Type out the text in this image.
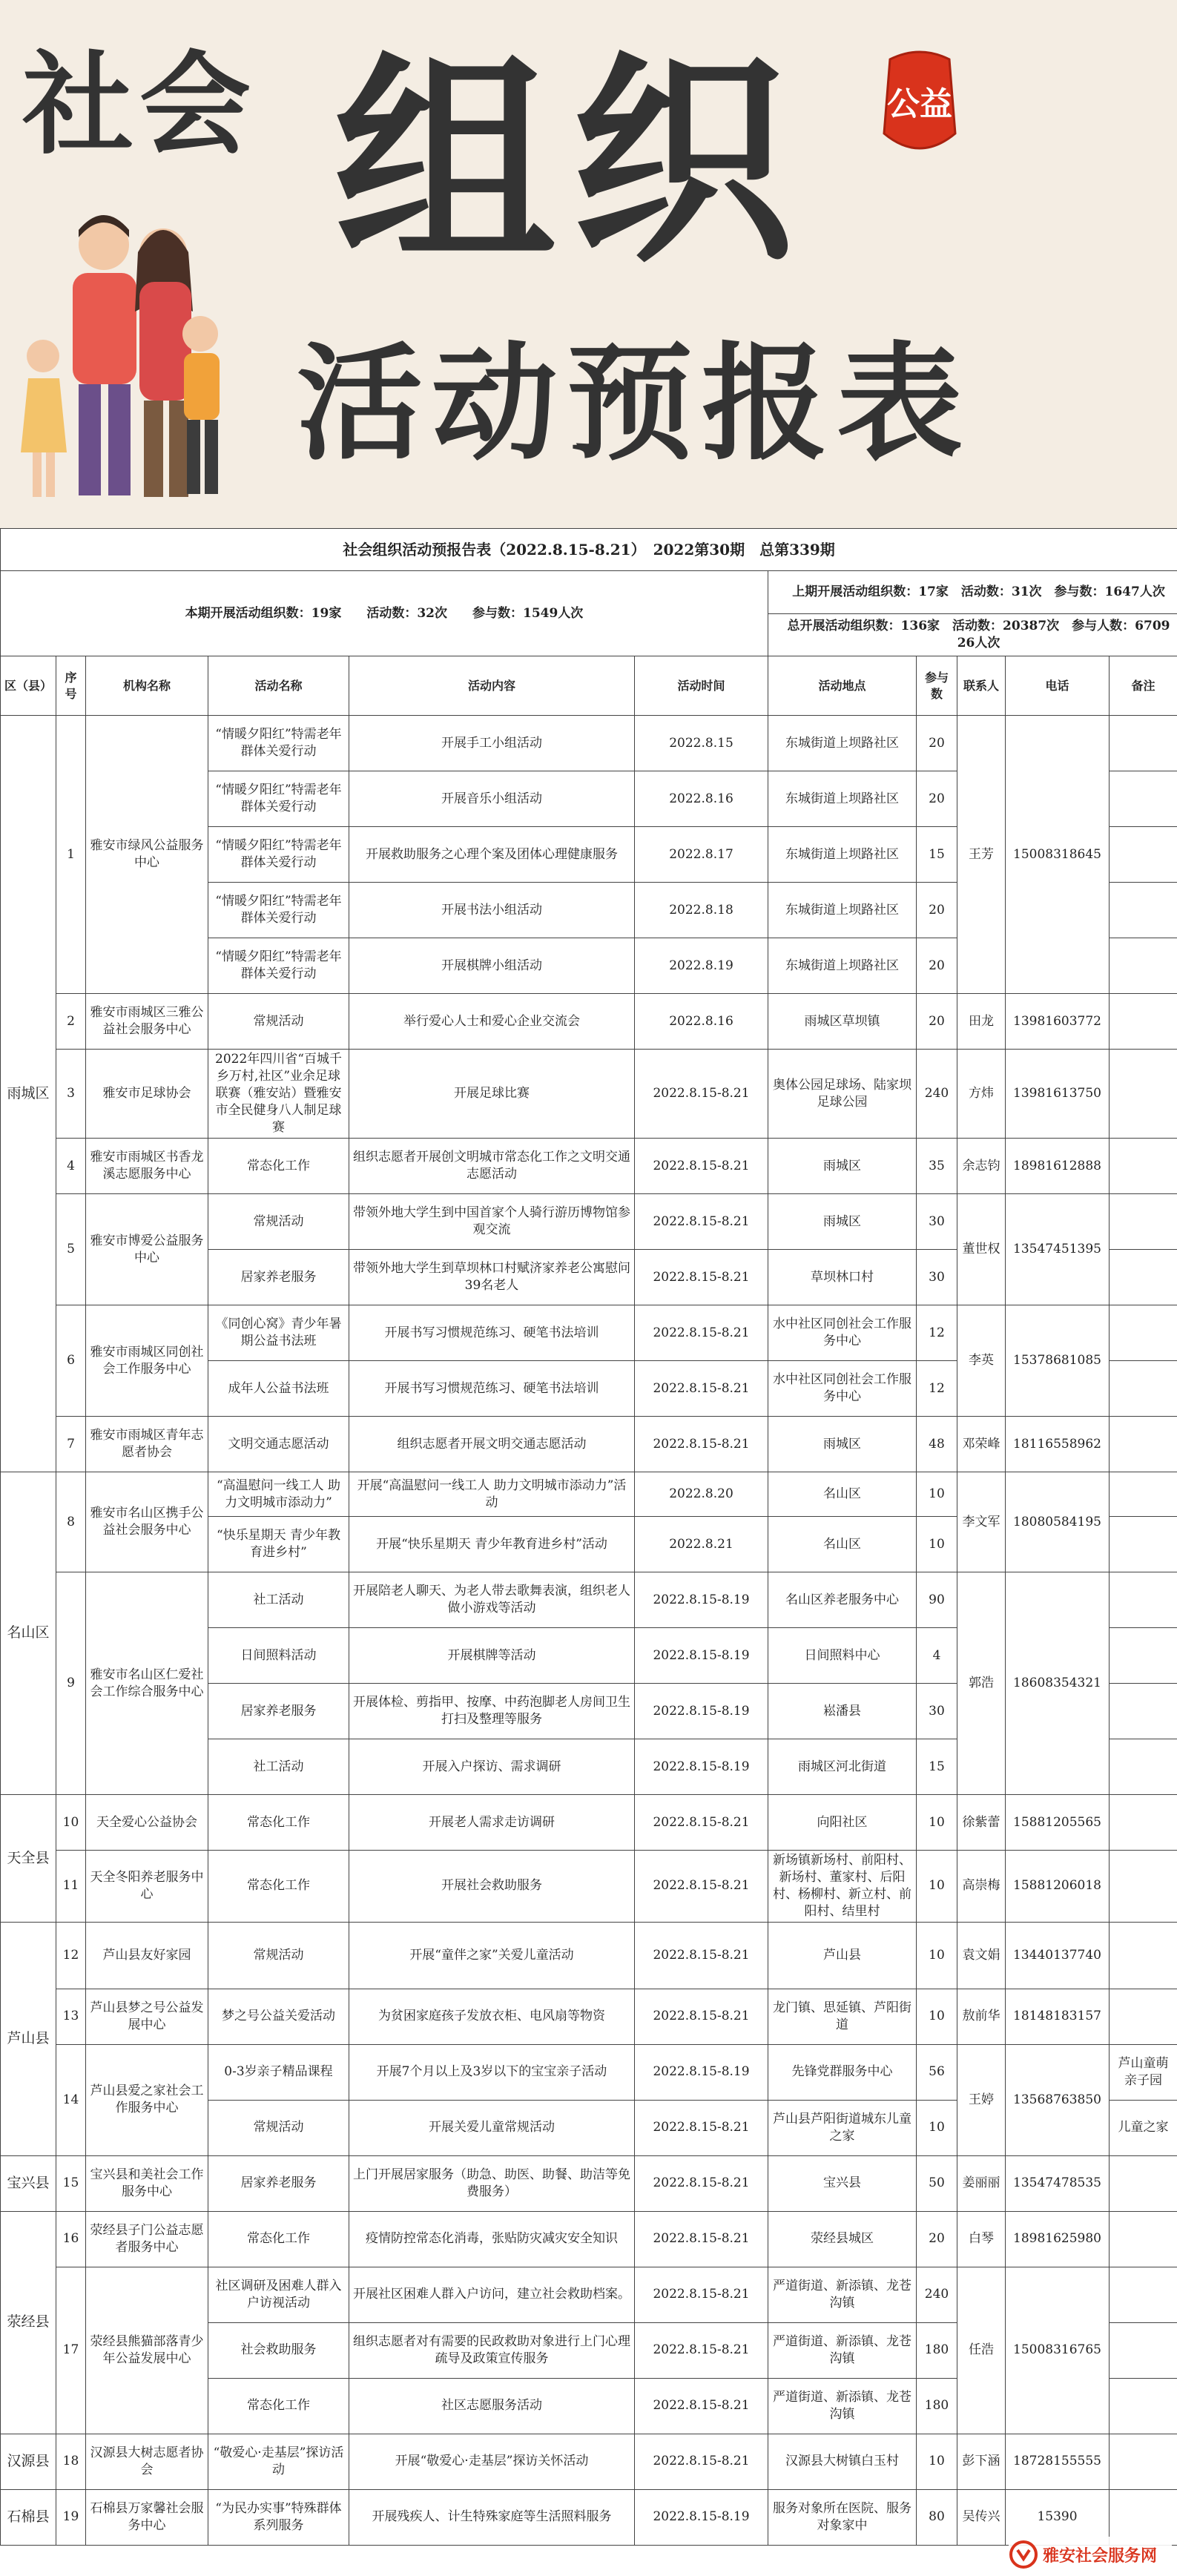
社会 组织
活动预报表
公益
社会组织活动预报告表（2022.8.15-8.21）　2022第30期　总第339期										
本期开展活动组织数：19家　　活动数：32次　　参与数：1549人次						上期开展活动组织数：17家　活动数：31次　参与数：1647人次				
						总开展活动组织数：136家　活动数：20387次　参与人数：670926人次				
区（县）	序号	机构名称	活动名称	活动内容	活动时间	活动地点	参与数	联系人	电话	备注
雨城区	1	雅安市绿风公益服务中心	“情暖夕阳红”特需老年群体关爱行动	开展手工小组活动	2022.8.15	东城街道上坝路社区	20	王芳	15008318645	
			“情暖夕阳红”特需老年群体关爱行动	开展音乐小组活动	2022.8.16	东城街道上坝路社区	20			
			“情暖夕阳红”特需老年群体关爱行动	开展救助服务之心理个案及团体心理健康服务	2022.8.17	东城街道上坝路社区	15			
			“情暖夕阳红”特需老年群体关爱行动	开展书法小组活动	2022.8.18	东城街道上坝路社区	20			
			“情暖夕阳红”特需老年群体关爱行动	开展棋牌小组活动	2022.8.19	东城街道上坝路社区	20			
	2	雅安市雨城区三雅公益社会服务中心	常规活动	举行爱心人士和爱心企业交流会	2022.8.16	雨城区草坝镇	20	田龙	13981603772	
	3	雅安市足球协会	2022年四川省“百城千乡万村,社区”业余足球联赛（雅安站）暨雅安市全民健身八人制足球赛	开展足球比赛	2022.8.15-8.21	奥体公园足球场、陆家坝足球公园	240	方炜	13981613750	
	4	雅安市雨城区书香龙溪志愿服务中心	常态化工作	组织志愿者开展创文明城市常态化工作之文明交通志愿活动	2022.8.15-8.21	雨城区	35	余志钧	18981612888	
	5	雅安市博爱公益服务中心	常规活动	带领外地大学生到中国首家个人骑行游历博物馆参观交流	2022.8.15-8.21	雨城区	30	董世权	13547451395	
			居家养老服务	带领外地大学生到草坝林口村赋济家养老公寓慰问39名老人	2022.8.15-8.21	草坝林口村	30			
	6	雅安市雨城区同创社会工作服务中心	《同创心窝》青少年暑期公益书法班	开展书写习惯规范练习、硬笔书法培训	2022.8.15-8.21	水中社区同创社会工作服务中心	12	李英	15378681085	
			成年人公益书法班	开展书写习惯规范练习、硬笔书法培训	2022.8.15-8.21	水中社区同创社会工作服务中心	12			
	7	雅安市雨城区青年志愿者协会	文明交通志愿活动	组织志愿者开展文明交通志愿活动	2022.8.15-8.21	雨城区	48	邓荣峰	18116558962	
名山区	8	雅安市名山区携手公益社会服务中心	“高温慰问一线工人 助力文明城市添动力”	开展“高温慰问一线工人 助力文明城市添动力”活动	2022.8.20	名山区	10	李文军	18080584195	
			“快乐星期天 青少年教育进乡村”	开展“快乐星期天 青少年教育进乡村”活动	2022.8.21	名山区	10			
	9	雅安市名山区仁爱社会工作综合服务中心	社工活动	开展陪老人聊天、为老人带去歌舞表演，组织老人做小游戏等活动	2022.8.15-8.19	名山区养老服务中心	90	郭浩	18608354321	
			日间照料活动	开展棋牌等活动	2022.8.15-8.19	日间照料中心	4			
			居家养老服务	开展体检、剪指甲、按摩、中药泡脚老人房间卫生打扫及整理等服务	2022.8.15-8.19	崧潘县	30			
			社工活动	开展入户探访、需求调研	2022.8.15-8.19	雨城区河北街道	15			
天全县	10	天全爱心公益协会	常态化工作	开展老人需求走访调研	2022.8.15-8.21	向阳社区	10	徐紫蕾	15881205565	
	11	天全冬阳养老服务中心	常态化工作	开展社会救助服务	2022.8.15-8.21	新场镇新场村、前阳村、新场村、董家村、后阳村、杨柳村、新立村、前阳村、结里村	10	高崇梅	15881206018	
芦山县	12	芦山县友好家园	常规活动	开展“童伴之家”关爱儿童活动	2022.8.15-8.21	芦山县	10	袁文娟	13440137740	
	13	芦山县梦之号公益发展中心	梦之号公益关爱活动	为贫困家庭孩子发放衣柜、电风扇等物资	2022.8.15-8.21	龙门镇、思延镇、芦阳街道	10	敖前华	18148183157	
	14	芦山县爱之家社会工作服务中心	0-3岁亲子精品课程	开展7个月以上及3岁以下的宝宝亲子活动	2022.8.15-8.19	先锋党群服务中心	56	王婷	13568763850	芦山童萌亲子园
			常规活动	开展关爱儿童常规活动	2022.8.15-8.21	芦山县芦阳街道城东儿童之家	10			儿童之家
宝兴县	15	宝兴县和美社会工作服务中心	居家养老服务	上门开展居家服务（助急、助医、助餐、助洁等免费服务）	2022.8.15-8.21	宝兴县	50	姜丽丽	13547478535	
荥经县	16	荥经县子门公益志愿者服务中心	常态化工作	疫情防控常态化消毒，张贴防灾减灾安全知识	2022.8.15-8.21	荥经县城区	20	白琴	18981625980	
	17	荥经县熊猫部落青少年公益发展中心	社区调研及困难人群入户访视活动	开展社区困难人群入户访问，建立社会救助档案。	2022.8.15-8.21	严道街道、新添镇、龙苍沟镇	240	任浩	15008316765	
			社会救助服务	组织志愿者对有需要的民政救助对象进行上门心理疏导及政策宣传服务	2022.8.15-8.21	严道街道、新添镇、龙苍沟镇	180			
			常态化工作	社区志愿服务活动	2022.8.15-8.21	严道街道、新添镇、龙苍沟镇	180			
汉源县	18	汉源县大树志愿者协会	“敬爱心·走基层”探访活动	开展“敬爱心·走基层”探访关怀活动	2022.8.15-8.21	汉源县大树镇白玉村	10	彭下涵	18728155555	
石棉县	19	石棉县万家馨社会服务中心	“为民办实事”特殊群体系列服务	开展残疾人、计生特殊家庭等生活照料服务	2022.8.15-8.19	服务对象所在医院、服务对象家中	80	吴传兴	15390	
雅安社会服务网
